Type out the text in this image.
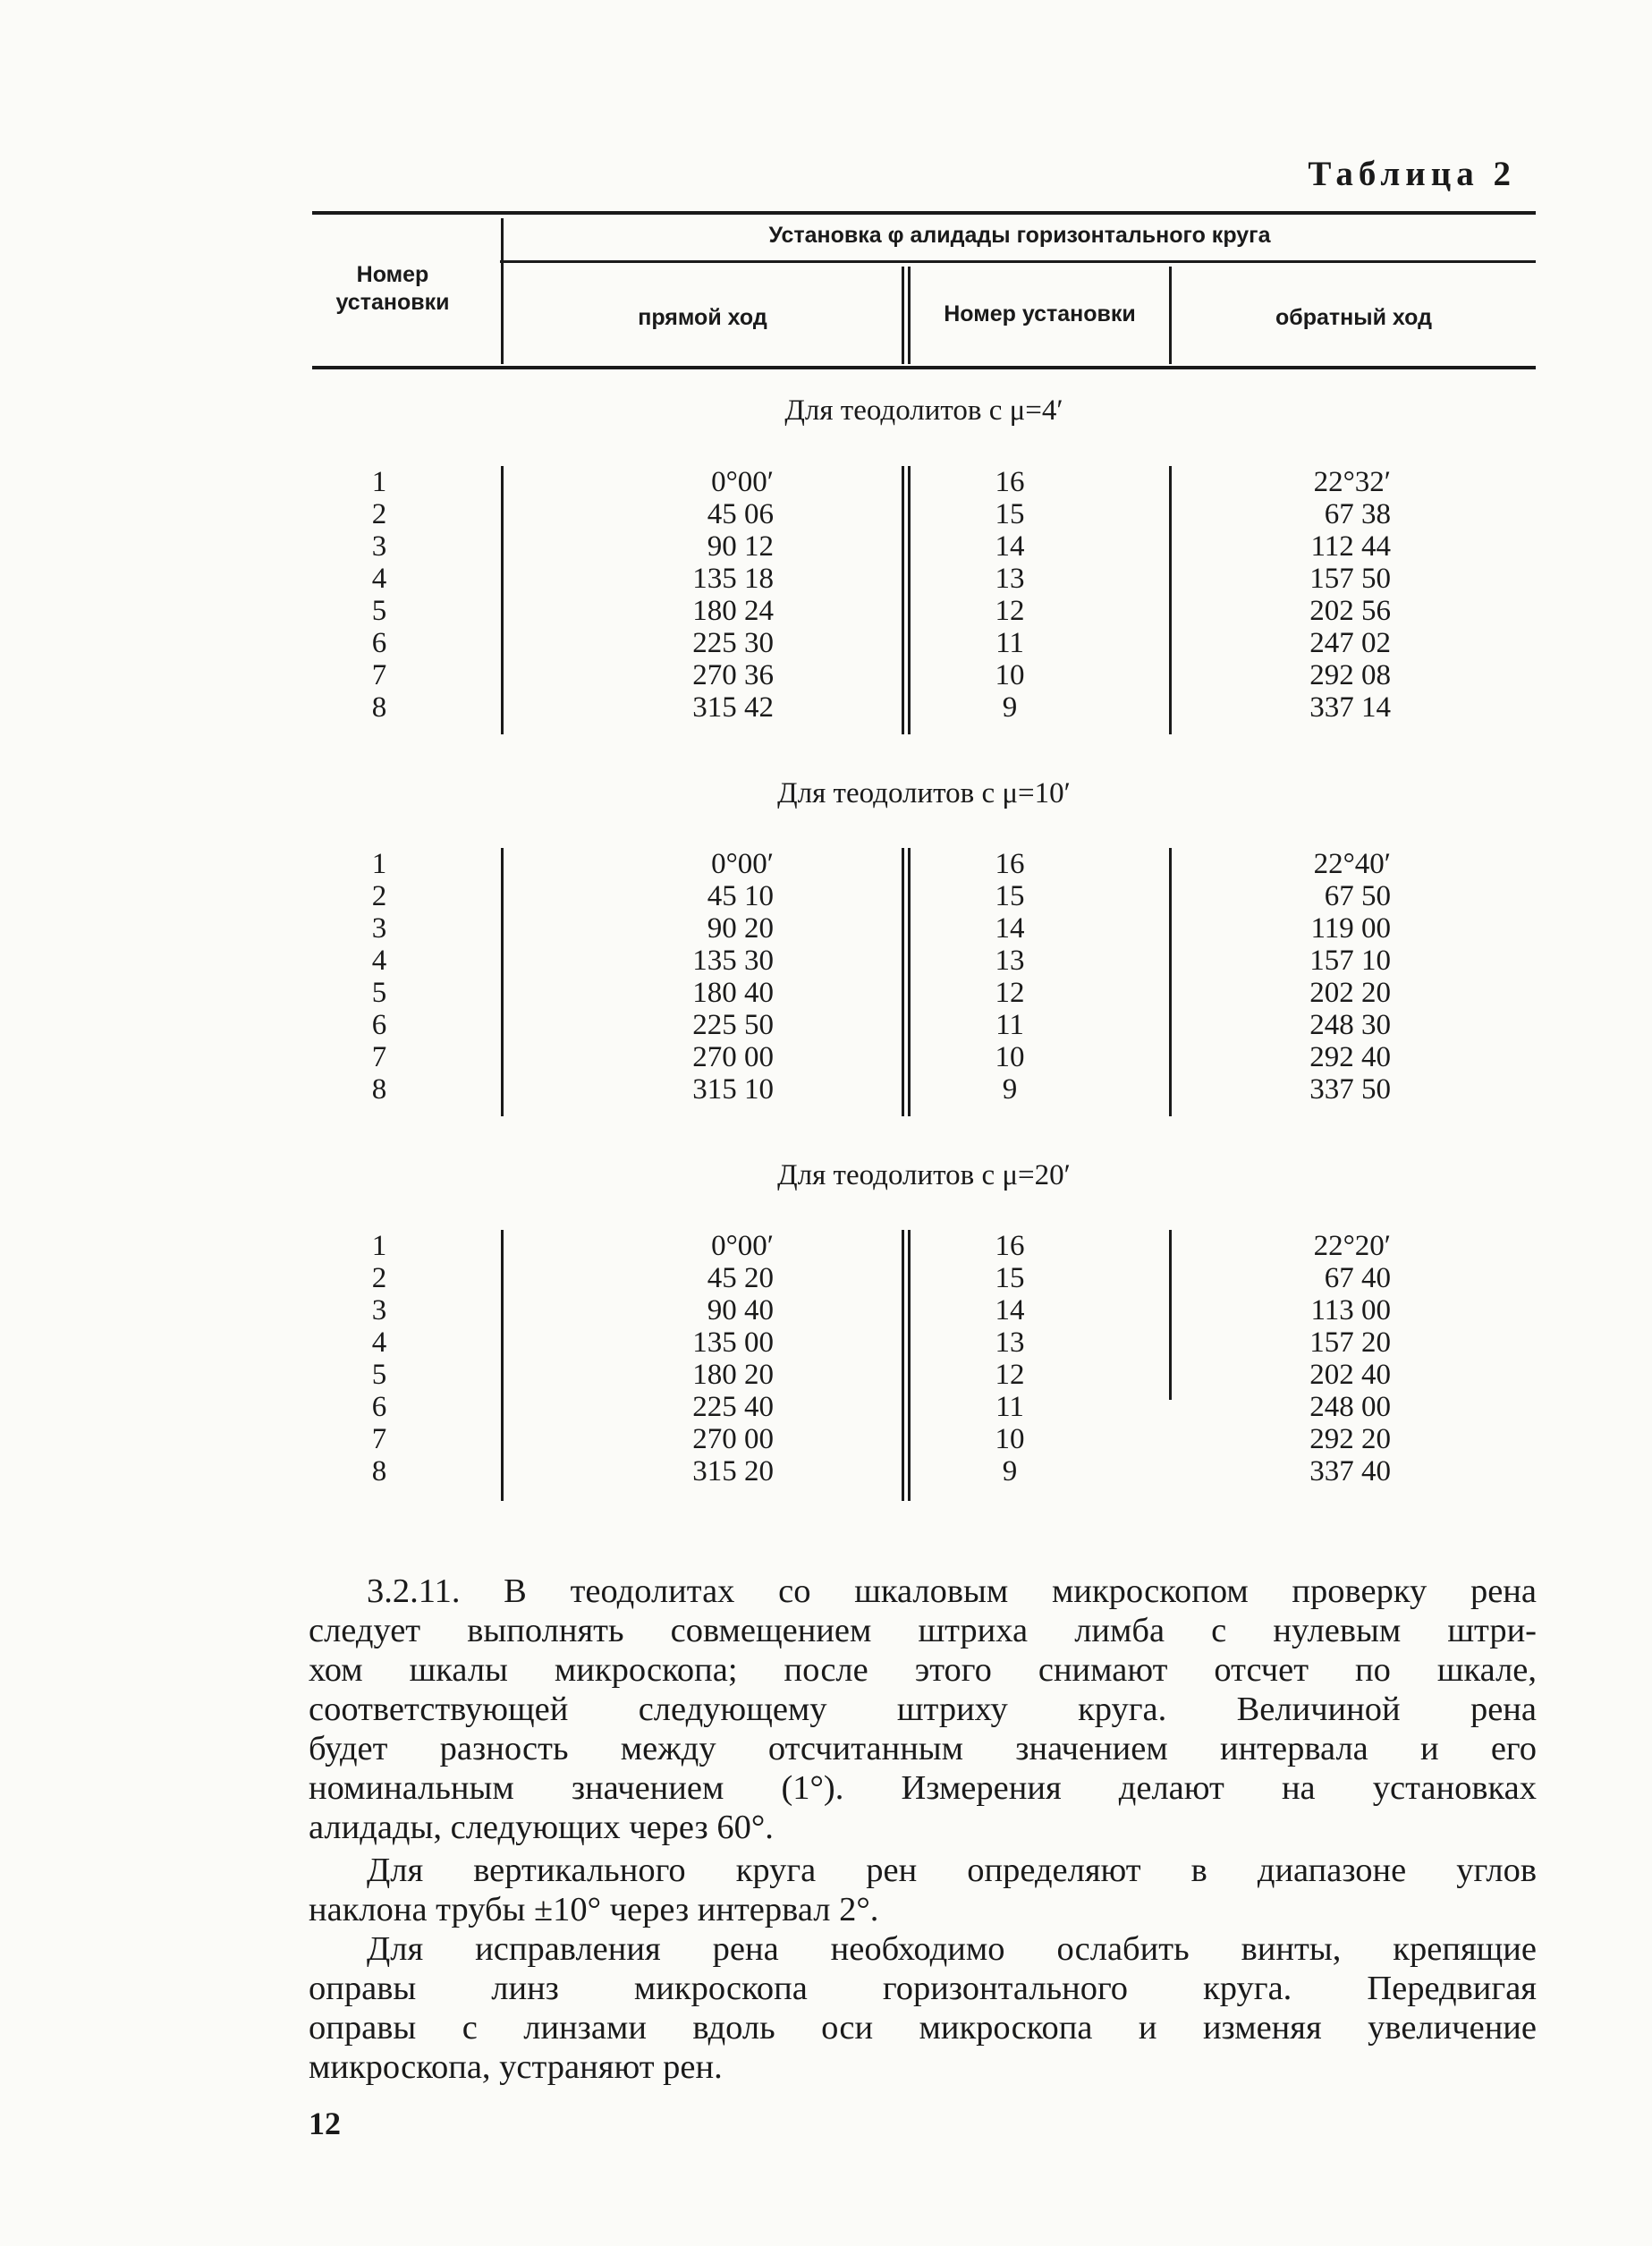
Таблица 2
Номер установки
Установка φ алидады горизонтального круга
прямой ход	Номер установки	обратный ход
Для теодолитов с μ=4′
1	0°00′	16	22°32′
2	45 06	15	67 38
3	90 12	14	112 44
4	135 18	13	157 50
5	180 24	12	202 56
6	225 30	11	247 02
7	270 36	10	292 08
8	315 42	9	337 14
Для теодолитов с μ=10′
1	0°00′	16	22°40′
2	45 10	15	67 50
3	90 20	14	119 00
4	135 30	13	157 10
5	180 40	12	202 20
6	225 50	11	248 30
7	270 00	10	292 40
8	315 10	9	337 50
Для теодолитов с μ=20′
1	0°00′	16	22°20′
2	45 20	15	67 40
3	90 40	14	113 00
4	135 00	13	157 20
5	180 20	12	202 40
6	225 40	11	248 00
7	270 00	10	292 20
8	315 20	9	337 40
3.2.11. В теодолитах со шкаловым микроскопом проверку рена
следует выполнять совмещением штриха лимба с нулевым штри-
хом шкалы микроскопа; после этого снимают отсчет по шкале,
соответствующей следующему штриху круга. Величиной рена
будет разность между отсчитанным значением интервала и его
номинальным значением (1°). Измерения делают на установках
алидады, следующих через 60°.
Для вертикального круга рен определяют в диапазоне углов
наклона трубы ±10° через интервал 2°.
Для исправления рена необходимо ослабить винты, крепящие
оправы линз микроскопа горизонтального круга. Передвигая
оправы с линзами вдоль оси микроскопа и изменяя увеличение
микроскопа, устраняют рен.
12
